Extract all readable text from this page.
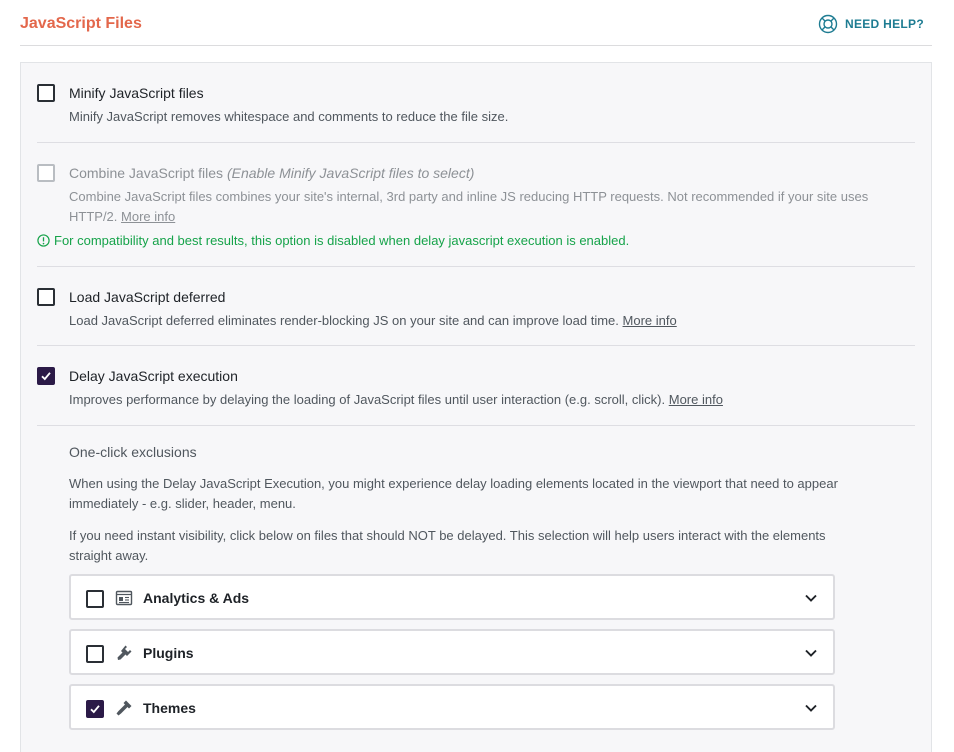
JavaScript Files	NEED HELP?
Minify JavaScript files
Minify JavaScript removes whitespace and comments to reduce the file size.
Combine JavaScript files (Enable Minify JavaScript files to select)
Combine JavaScript files combines your site's internal, 3rd party and inline JS reducing HTTP requests. Not recommended if your site uses HTTP/2. More info
For compatibility and best results, this option is disabled when delay javascript execution is enabled.
Load JavaScript deferred
Load JavaScript deferred eliminates render-blocking JS on your site and can improve load time. More info
Delay JavaScript execution
Improves performance by delaying the loading of JavaScript files until user interaction (e.g. scroll, click). More info
One-click exclusions
When using the Delay JavaScript Execution, you might experience delay loading elements located in the viewport that need to appear immediately - e.g. slider, header, menu.
If you need instant visibility, click below on files that should NOT be delayed. This selection will help users interact with the elements straight away.
Analytics & Ads
Plugins
Themes
